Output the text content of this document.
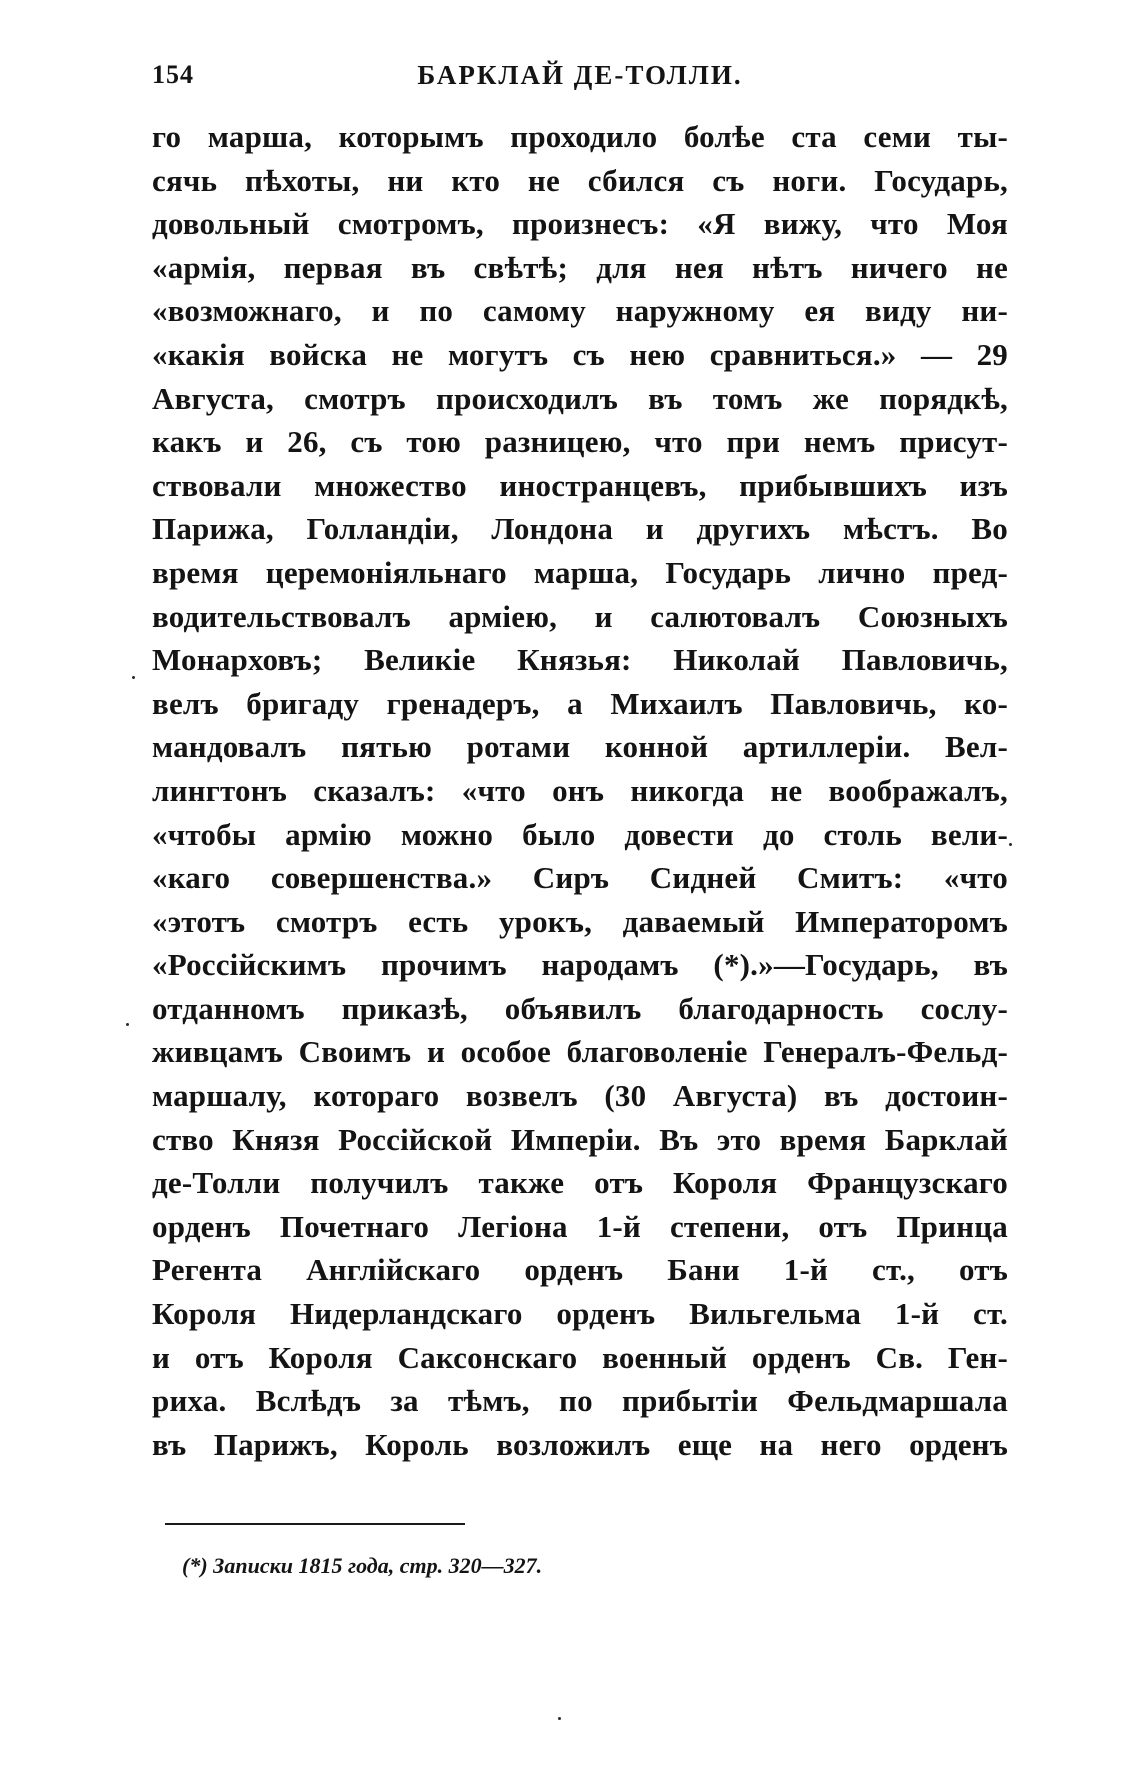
154	БАРКЛАЙ ДЕ-ТОЛЛИ.
го марша, которымъ проходило болѣе ста семи ты-
сячь пѣхоты, ни кто не сбился съ ноги. Государь,
довольный смотромъ, произнесъ: «Я вижу, что Моя
«армія, первая въ свѣтѣ; для нея нѣтъ ничего не
«возможнаго, и по самому наружному ея виду ни-
«какія войска не могутъ съ нею сравниться.» — 29
Августа, смотръ происходилъ въ томъ же порядкѣ,
какъ и 26, съ тою разницею, что при немъ присут-
ствовали множество иностранцевъ, прибывшихъ изъ
Парижа, Голландіи, Лондона и другихъ мѣстъ. Во
время церемоніяльнаго марша, Государь лично пред-
водительствовалъ арміею, и салютовалъ Союзныхъ
Монарховъ; Великіе Князья: Николай Павловичь,
велъ бригаду гренадеръ, а Михаилъ Павловичь, ко-
мандовалъ пятью ротами конной артиллеріи. Вел-
лингтонъ сказалъ: «что онъ никогда не воображалъ,
«чтобы армію можно было довести до столь вели-
«каго совершенства.» Сиръ Сидней Смитъ: «что
«этотъ смотръ есть урокъ, даваемый Императоромъ
«Россійскимъ прочимъ народамъ (*).»—Государь, въ
отданномъ приказѣ, объявилъ благодарность сослу-
живцамъ Своимъ и особое благоволеніе Генералъ-Фельд-
маршалу, котораго возвелъ (30 Августа) въ достоин-
ство Князя Россійской Имперіи. Въ это время Барклай
де-Толли получилъ также отъ Короля Французскаго
орденъ Почетнаго Легіона 1-й степени, отъ Принца
Регента Англійскаго орденъ Бани 1-й ст., отъ
Короля Нидерландскаго орденъ Вильгельма 1-й ст.
и отъ Короля Саксонскаго военный орденъ Св. Ген-
риха. Вслѣдъ за тѣмъ, по прибытіи Фельдмаршала
въ Парижъ, Король возложилъ еще на него орденъ
(*) Записки 1815 года, стр. 320—327.
